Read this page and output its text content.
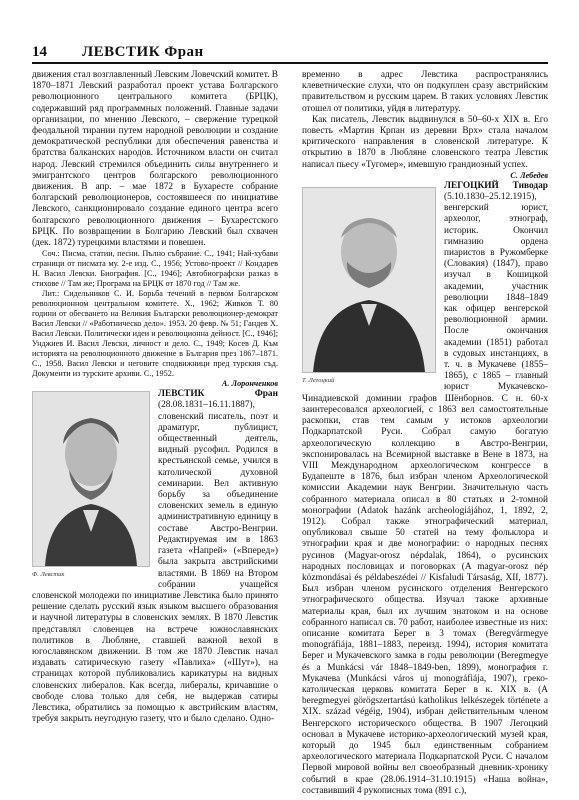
14 ЛЕВСТИК Фран

движения стал возглавленный Левским Ловечский комитет. В 1870–1871 Левский разработал проект устава Болгарского революционного центрального комитета (БРЦК), содержавший ряд программных положений. Главные задачи организации, по мнению Левского, – свержение турецкой феодальной тирании путем народной революции и создание демократической республики для обеспечения равенства и братства балканских народов. Источником власти он считал народ. Левский стремился объединить силы внутреннего и эмигрантского центров болгарского революционного движения. В апр. – мае 1872 в Бухаресте собрание болгарский революционеров, состоявшееся по инициативе Левского, санкционировало создание единого центра всего болгарского революционного движения – Бухарестского БРЦК. По возвращении в Болгарию Левский был схвачен (дек. 1872) турецкими властями и повешен.

Соч.: Писма, статии, песни. Пълно събрание. С., 1941; Най-хубави страници от писмата му. 2-е изд. С., 1956; Устово-проект // Кондарев Н. Васил Левски. Биография. [С., 1946]; Автобиографски разказ в стихове // Там же; Програма на БРЦК от 1870 год // Там же.

Лит.: Сидельников С. И. Борьба течений в первом Болгарском революционном центральном комитете. Х., 1962; Живков Т. 80 години от обесването на Великия Български революционер-демократ Васил Левски // «Работническо дело». 1953. 20 февр. № 51; Гандев Х. Васил Левски. Политически идеи и революционна дейност. [С., 1946]; Унджиев И. Васил Левски, личност и дело. С., 1949; Косев Д. Към историята на революционното движение в България през 1867–1871. С., 1958. Васил Левски и неговите сподвижници пред турския съд. Документи из турските архиви. С., 1952.

А. Лоронченков

ЛЕВСТИК Фран
Ф. Левстик
(28.08.1831–16.11.1887), словенский писатель, поэт и драматург, публицист, общественный деятель, видный русофил. Родился в крестьянской семье, учился в католической духовной семинарии. Вел активную борьбу за объединение словенских земель в единую административную единицу в составе Австро-Венгрии. Редактируемая им в 1863 газета «Напрей» («Вперед») была закрыта австрийскими властями. В 1869 на Втором собрании учащейся словенской молодежи по инициативе Левстика было принято решение сделать русский язык языком высшего образования и научной литературы в словенских землях. В 1870 Левстик представлял словенцев на встрече южнославянских политиков в Любляне, ставшей важной вехой в югославянском движении. В том же 1870 Левстик начал издавать сатирическую газету «Павлиха» («Шут»), на страницах которой публиковались карикатуры на видных словенских либералов. Как всегда, либералы, кричавшие о свободе слова только для себя, не выдержав сатиры Левстика, обратились за помощью к австрийским властям, требуя закрыть неугодную газету, что и было сделано. Одно-

временно в адрес Левстика распространялись клеветнические слухи, что он подкуплен сразу австрийским правительством и русским царем. В таких условиях Левстик отошел от политики, уйдя в литературу.

Как писатель, Левстик выдвинулся в 50–60-х XIX в. Его повесть «Мартин Крпан из деревни Врх» стала началом критического направления в словенской литературе. К открытию в 1870 в Любляне словенского театра Левстик написал пьесу «Тугомер», имевшую грандиозный успех.

С. Лебедев

ЛЕГОЦКИЙ Тиводар
Т. Легоцкий
(5.10.1830–25.12.1915), венгерский юрист, археолог, этнограф, историк. Окончил гимназию ордена пиаристов в Ружомберке (Словакия) (1847), право изучал в Кошицкой академии, участник революции 1848–1849 как офицер венгерской революционной армии. После окончания академии (1851) работал в судовых инстанциях, в т. ч. в Мукачеве (1855–1865), с 1865 – главный юрист Мукачевско-Чинадиевской доминии графов Шёнборнов. С н. 60-х заинтересовался археологией, с 1863 вел самостоятельные раскопки, став тем самым у истоков археологии Подкарпатской Руси. Собрал самую богатую археологическую коллекцию в Австро-Венгрии, экспонировалась на Всемирной выставке в Вене в 1873, на VIII Международном археологическом конгрессе в Будапеште в 1876, был избран членом Археологической комиссии Академии наук Венгрии. Значительную часть собранного материала описал в 80 статьях и 2-томной монографии (Adatok hazánk archeologiájához, 1, 1892, 2, 1912). Собрал также этнографический материал, опубликовал свыше 50 статей на тему фольклора и этнографии края и две монографии: о народных песнях русинов (Magyar-orosz népdalak, 1864), о русинских народных пословицах и поговорках (A magyar-orosz nép közmondásai és példabeszédei // Kisfaludi Társaság, XII, 1877). Был избран членом русинского отделения Венгерского этнографического общества. Изучал также архивные материалы края, был их лучшим знатоком и на основе собранного написал св. 70 работ, наиболее известные из них: описание комитата Берег в 3 томах (Beregvármegye monográfiája, 1881–1883, переизд. 1994), история комитата Берег и Мукачевского замка в годы революции (Beregmegye és a Munkácsi vár 1848–1849-ben, 1899), монография г. Мукачева (Munkácsi város uj monográfiája, 1907), греко-католическая церковь комитата Берег в к. XIX в. (A beregmegyei görögszertartású katholikus lelkészegek története a XIX. század végéig, 1904), избран действительным членом Венгерского исторического общества. В 1907 Легоцкий основал в Мукачеве историко-археологический музей края, который до 1945 был единственным собранием археологического материала Подкарпатской Руси. С началом Первой мировой войны вел своеобразный дневник-хронику событий в крае (28.06.1914–31.10.1915) «Наша война», составивший 4 рукописных тома (891 с.),
